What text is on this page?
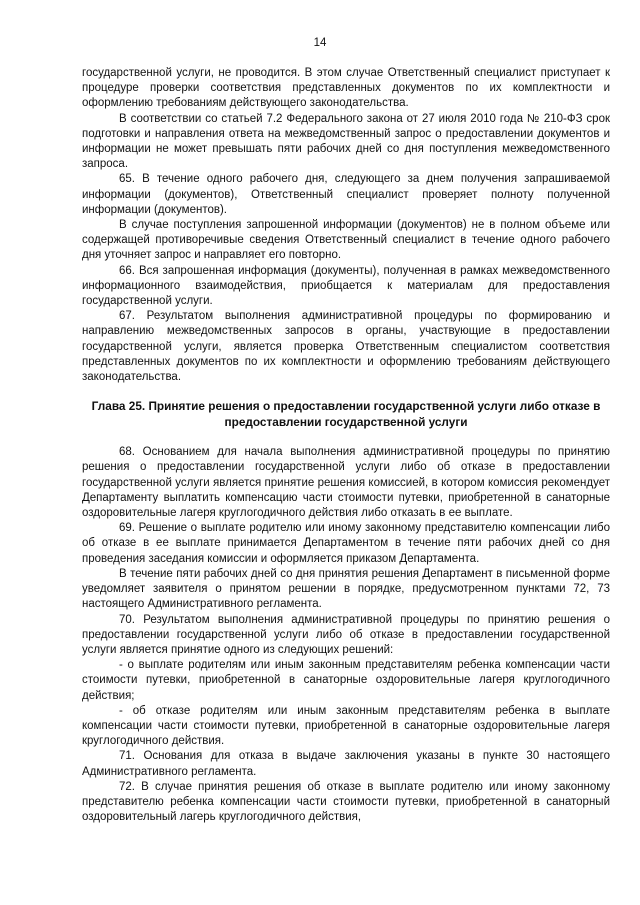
14

государственной услуги, не проводится. В этом случае Ответственный специалист приступает к процедуре проверки соответствия представленных документов по их комплектности и оформлению требованиям действующего законодательства.

В соответствии со статьей 7.2 Федерального закона от 27 июля 2010 года № 210-ФЗ срок подготовки и направления ответа на межведомственный запрос о предоставлении документов и информации не может превышать пяти рабочих дней со дня поступления межведомственного запроса.

65. В течение одного рабочего дня, следующего за днем получения запрашиваемой информации (документов), Ответственный специалист проверяет полноту полученной информации (документов).

В случае поступления запрошенной информации (документов) не в полном объеме или содержащей противоречивые сведения Ответственный специалист в течение одного рабочего дня уточняет запрос и направляет его повторно.

66. Вся запрошенная информация (документы), полученная в рамках межведомственного информационного взаимодействия, приобщается к материалам для предоставления государственной услуги.

67. Результатом выполнения административной процедуры по формированию и направлению межведомственных запросов в органы, участвующие в предоставлении государственной услуги, является проверка Ответственным специалистом соответствия представленных документов по их комплектности и оформлению требованиям действующего законодательства.

Глава 25. Принятие решения о предоставлении государственной услуги либо отказе в предоставлении государственной услуги

68. Основанием для начала выполнения административной процедуры по принятию решения о предоставлении государственной услуги либо об отказе в предоставлении государственной услуги является принятие решения комиссией, в котором комиссия рекомендует Департаменту выплатить компенсацию части стоимости путевки, приобретенной в санаторные оздоровительные лагеря круглогодичного действия либо отказать в ее выплате.

69. Решение о выплате родителю или иному законному представителю компенсации либо об отказе в ее выплате принимается Департаментом в течение пяти рабочих дней со дня проведения заседания комиссии и оформляется приказом Департамента.

В течение пяти рабочих дней со дня принятия решения Департамент в письменной форме уведомляет заявителя о принятом решении в порядке, предусмотренном пунктами 72, 73 настоящего Административного регламента.

70. Результатом выполнения административной процедуры по принятию решения о предоставлении государственной услуги либо об отказе в предоставлении государственной услуги является принятие одного из следующих решений:

- о выплате родителям или иным законным представителям ребенка компенсации части стоимости путевки, приобретенной в санаторные оздоровительные лагеря круглогодичного действия;

- об отказе родителям или иным законным представителям ребенка в выплате компенсации части стоимости путевки, приобретенной в санаторные оздоровительные лагеря круглогодичного действия.

71. Основания для отказа в выдаче заключения указаны в пункте 30 настоящего Административного регламента.

72. В случае принятия решения об отказе в выплате родителю или иному законному представителю ребенка компенсации части стоимости путевки, приобретенной в санаторный оздоровительный лагерь круглогодичного действия,
